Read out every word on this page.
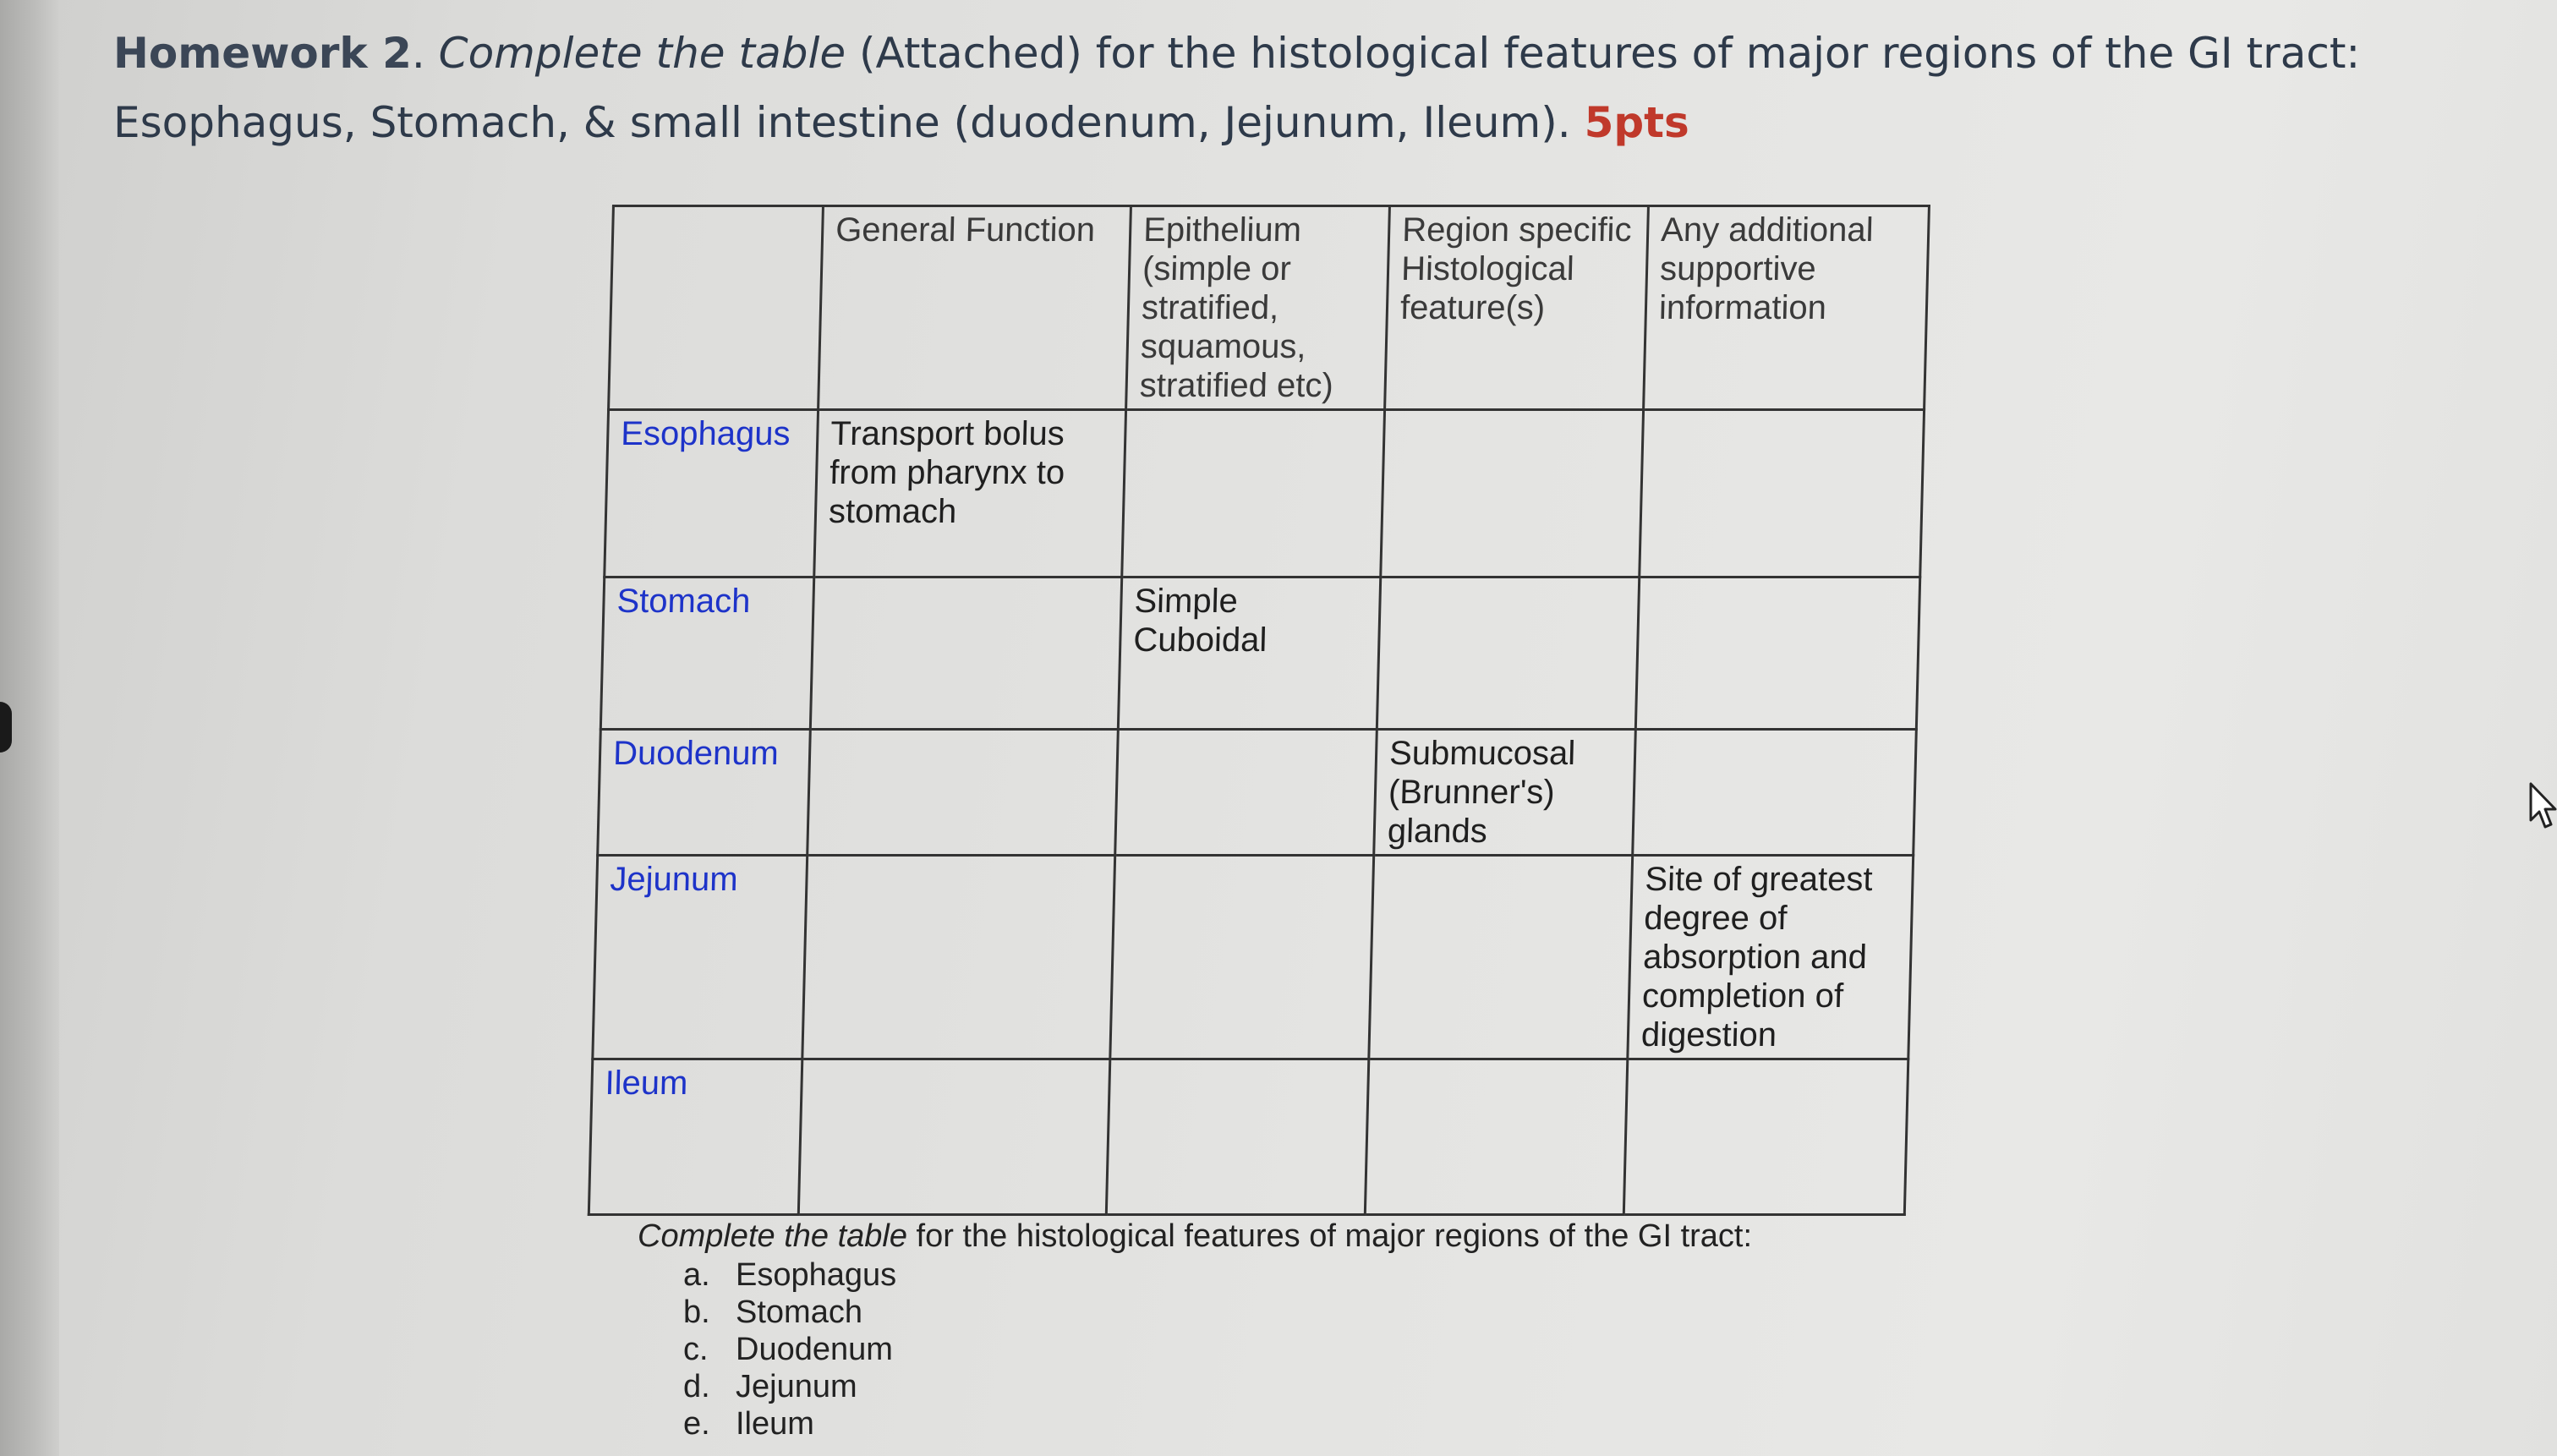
Homework 2. Complete the table (Attached) for the histological features of major regions of the GI tract: Esophagus, Stomach, & small intestine (duodenum, Jejunum, Ileum). 5pts
	General Function	Epithelium (simple or stratified, squamous, stratified etc)	Region specific Histological feature(s)	Any additional supportive information
Esophagus	Transport bolus from pharynx to stomach			
Stomach		Simple Cuboidal		
Duodenum			Submucosal (Brunner's) glands	
Jejunum				Site of greatest degree of absorption and completion of digestion
Ileum				
Complete the table for the histological features of major regions of the GI tract:
a. Esophagus
b. Stomach
c. Duodenum
d. Jejunum
e. Ileum
